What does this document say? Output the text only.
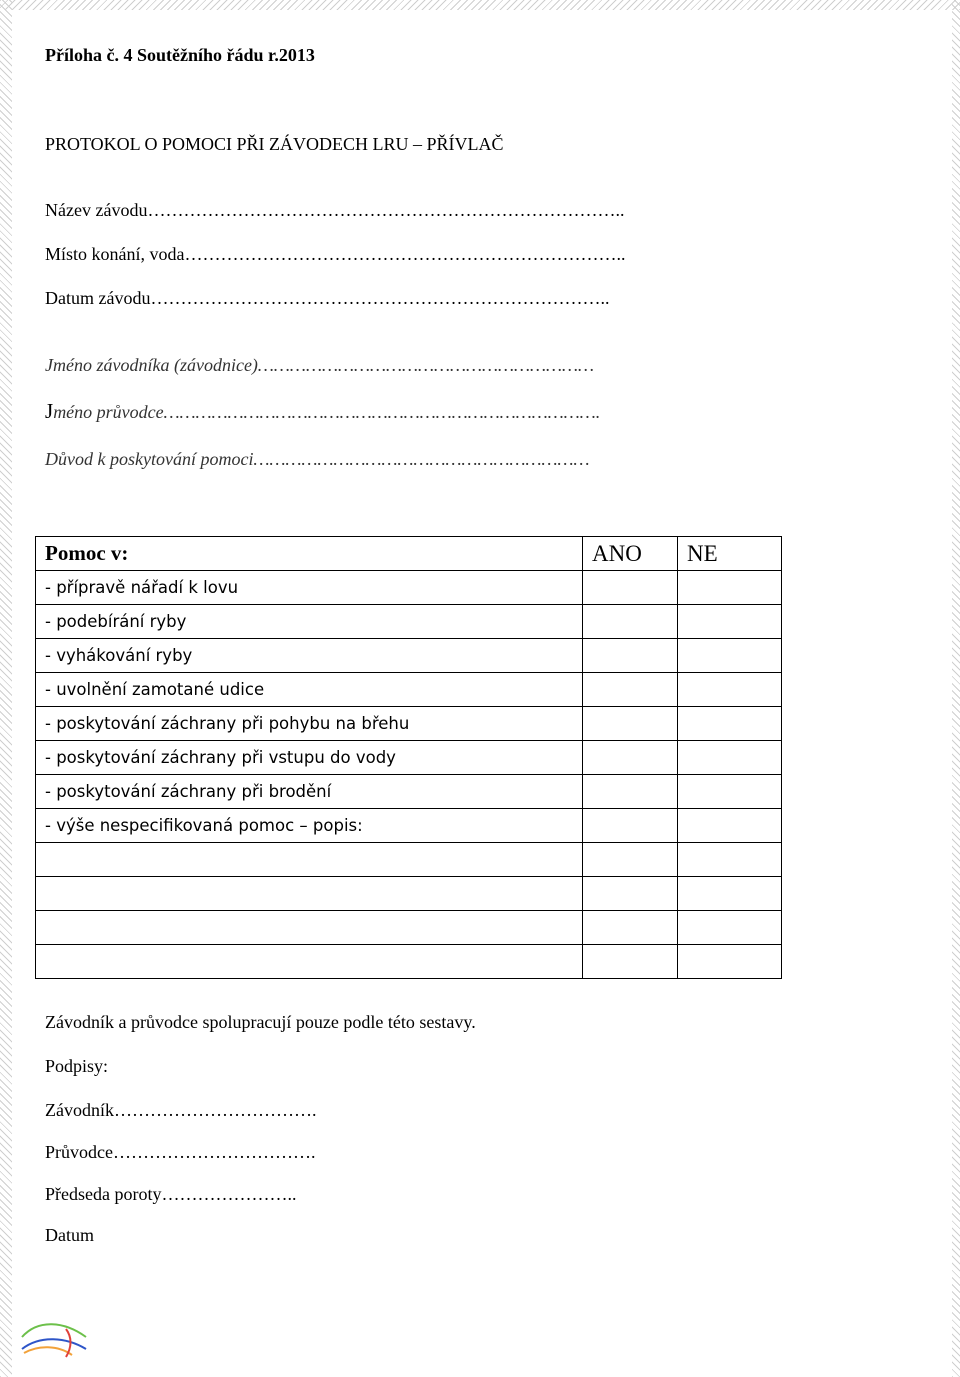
Příloha č. 4 Soutěžního řádu r.2013
PROTOKOL O POMOCI PŘI ZÁVODECH LRU – PŘÍVLAČ
Název závodu……………………………………………………………………..
Místo konání, voda………………………………………………………………..
Datum závodu…………………………………………………………………..
Jméno závodníka (závodnice)………………………………………………………
Jméno průvodce……………………………………………………………………….
Důvod k poskytování pomoci………………………………………………………
Pomoc v:	ANO	NE
- přípravě nářadí k lovu		
- podebírání ryby		
- vyhákování ryby		
- uvolnění zamotané udice		
- poskytování záchrany při pohybu na břehu		
- poskytování záchrany při vstupu do vody		
- poskytování záchrany při brodění		
- výše nespecifikovaná pomoc – popis:		

Závodník a průvodce spolupracují pouze podle této sestavy.
Podpisy:
Závodník…………………………….
Průvodce…………………………….
Předseda poroty…………………..
Datum
